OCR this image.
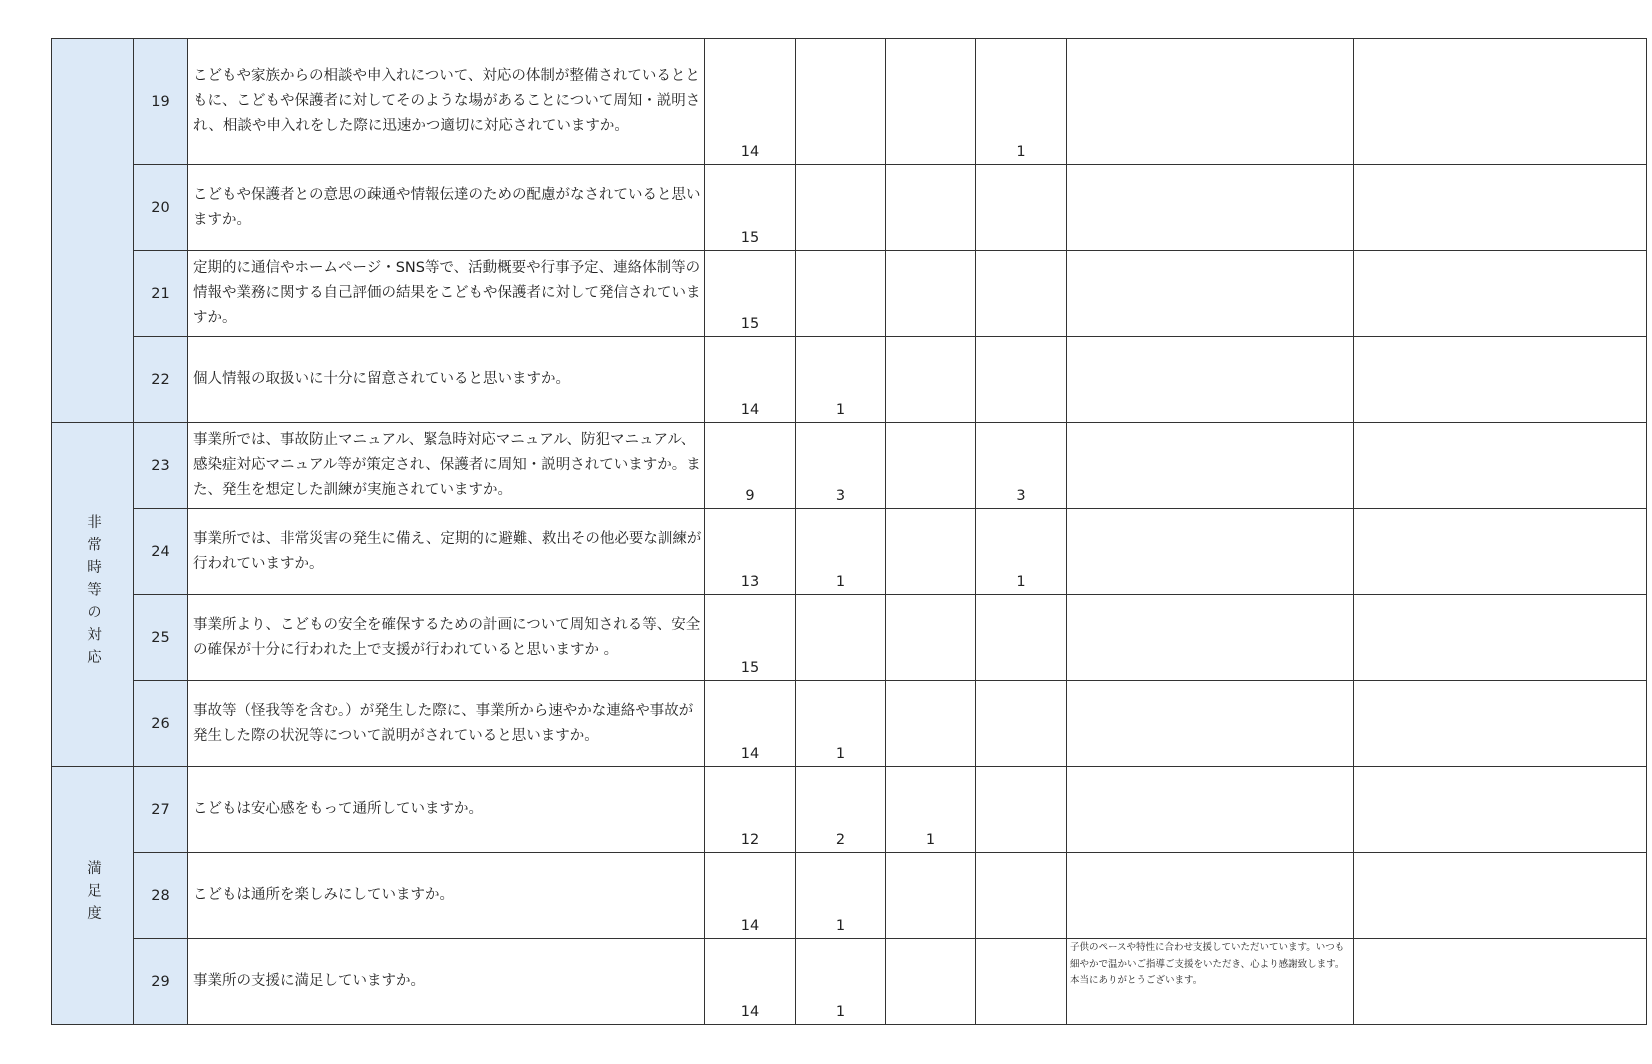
	19	こどもや家族からの相談や申入れについて、対応の体制が整備されているとともに、こどもや保護者に対してそのような場があることについて周知・説明され、相談や申入れをした際に迅速かつ適切に対応されていますか。	14			1	

	20	こどもや保護者との意思の疎通や情報伝達のための配慮がなされていると思いますか。	15				

	21	定期的に通信やホームページ・SNS等で、活動概要や行事予定、連絡体制等の情報や業務に関する自己評価の結果をこどもや保護者に対して発信されていますか。	15				

	22	個人情報の取扱いに十分に留意されていると思いますか。	14	1			

非常時等の対応	23	事業所では、事故防止マニュアル、緊急時対応マニュアル、防犯マニュアル、感染症対応マニュアル等が策定され、保護者に周知・説明されていますか。また、発生を想定した訓練が実施されていますか。	9	3		3	

	24	事業所では、非常災害の発生に備え、定期的に避難、救出その他必要な訓練が行われていますか。	13	1		1	

	25	事業所より、こどもの安全を確保するための計画について周知される等、安全の確保が十分に行われた上で支援が行われていると思いますか 。	15				

	26	事故等（怪我等を含む。）が発生した際に、事業所から速やかな連絡や事故が発生した際の状況等について説明がされていると思いますか。	14	1			

満足度	27	こどもは安心感をもって通所していますか。	12	2	1		

	28	こどもは通所を楽しみにしていますか。	14	1			

	29	事業所の支援に満足していますか。	14	1			子供のペースや特性に合わせ支援していただいています。いつも細やかで温かいご指導ご支援をいただき、心より感謝致します。本当にありがとうございます。	
